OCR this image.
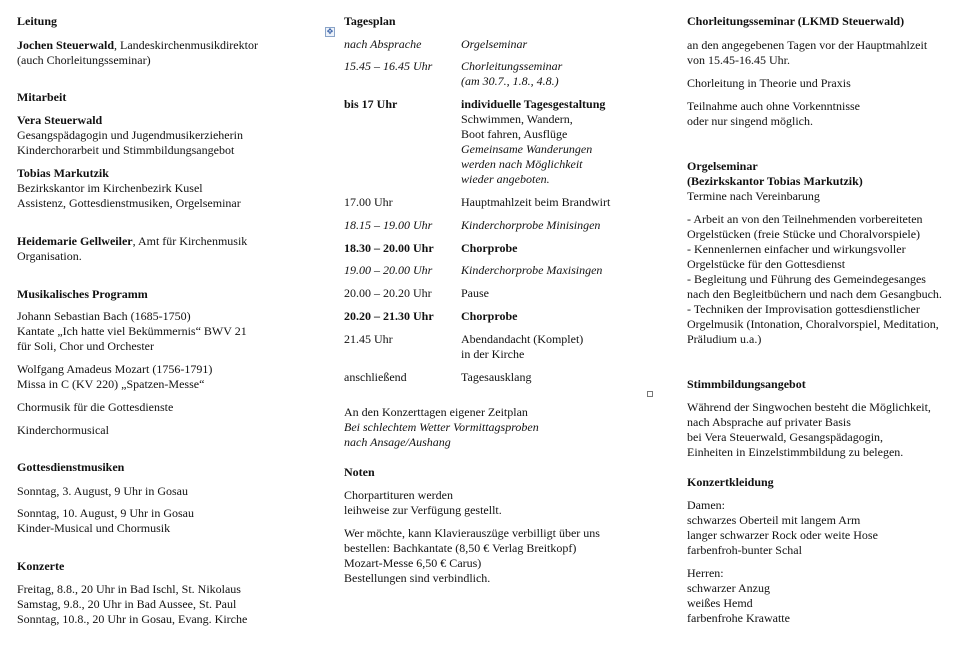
✥
Leitung
Jochen Steuerwald, Landeskirchenmusikdirektor
(auch Chorleitungsseminar)
Mitarbeit
Vera Steuerwald
Gesangspädagogin und Jugendmusikerzieherin
Kinderchorarbeit und Stimmbildungsangebot
Tobias Markutzik
Bezirkskantor im Kirchenbezirk Kusel
Assistenz, Gottesdienstmusiken, Orgelseminar
Heidemarie Gellweiler, Amt für Kirchenmusik
Organisation.
Musikalisches Programm
Johann Sebastian Bach (1685-1750)
Kantate „Ich hatte viel Bekümmernis“ BWV 21
für Soli, Chor und Orchester
Wolfgang Amadeus Mozart (1756-1791)
Missa in C (KV 220) „Spatzen-Messe“
Chormusik für die Gottesdienste
Kinderchormusical
Gottesdienstmusiken
Sonntag, 3. August, 9 Uhr in Gosau
Sonntag, 10. August, 9 Uhr in Gosau
Kinder-Musical und Chormusik
Konzerte
Freitag, 8.8., 20 Uhr in Bad Ischl, St. Nikolaus
Samstag, 9.8., 20 Uhr in Bad Aussee, St. Paul
Sonntag, 10.8., 20 Uhr in Gosau, Evang. Kirche
Tagesplan
nach Absprache	Orgelseminar
15.45 – 16.45 Uhr	Chorleitungsseminar
(am 30.7., 1.8., 4.8.)
bis 17 Uhr	individuelle Tagesgestaltung
Schwimmen, Wandern,
Boot fahren, Ausflüge
Gemeinsame Wanderungen
werden nach Möglichkeit
wieder angeboten.
17.00 Uhr	Hauptmahlzeit beim Brandwirt
18.15 – 19.00 Uhr	Kinderchorprobe Minisingen
18.30 – 20.00 Uhr	Chorprobe
19.00 – 20.00 Uhr	Kinderchorprobe Maxisingen
20.00 – 20.20 Uhr	Pause
20.20 – 21.30 Uhr	Chorprobe
21.45 Uhr	Abendandacht (Komplet)
in der Kirche
anschließend	Tagesausklang
An den Konzerttagen eigener Zeitplan
Bei schlechtem Wetter Vormittagsproben
nach Ansage/Aushang
Noten
Chorpartituren werden
leihweise zur Verfügung gestellt.
Wer möchte, kann Klavierauszüge verbilligt über uns
bestellen: Bachkantate (8,50 € Verlag Breitkopf)
Mozart-Messe 6,50 € Carus)
Bestellungen sind verbindlich.
Chorleitungsseminar (LKMD Steuerwald)
an den angegebenen Tagen vor der Hauptmahlzeit
von 15.45-16.45 Uhr.
Chorleitung in Theorie und Praxis
Teilnahme auch ohne Vorkenntnisse
oder nur singend möglich.
Orgelseminar
(Bezirkskantor Tobias Markutzik)
Termine nach Vereinbarung
- Arbeit an von den Teilnehmenden vorbereiteten
Orgelstücken (freie Stücke und Choralvorspiele)
- Kennenlernen einfacher und wirkungsvoller
Orgelstücke für den Gottesdienst
- Begleitung und Führung des Gemeindegesanges
nach den Begleitbüchern und nach dem Gesangbuch.
- Techniken der Improvisation gottesdienstlicher
Orgelmusik (Intonation, Choralvorspiel, Meditation,
Präludium u.a.)
Stimmbildungsangebot
Während der Singwochen besteht die Möglichkeit,
nach Absprache auf privater Basis
bei Vera Steuerwald, Gesangspädagogin,
Einheiten in Einzelstimmbildung zu belegen.
Konzertkleidung
Damen:
schwarzes Oberteil mit langem Arm
langer schwarzer Rock oder weite Hose
farbenfroh-bunter Schal
Herren:
schwarzer Anzug
weißes Hemd
farbenfrohe Krawatte
